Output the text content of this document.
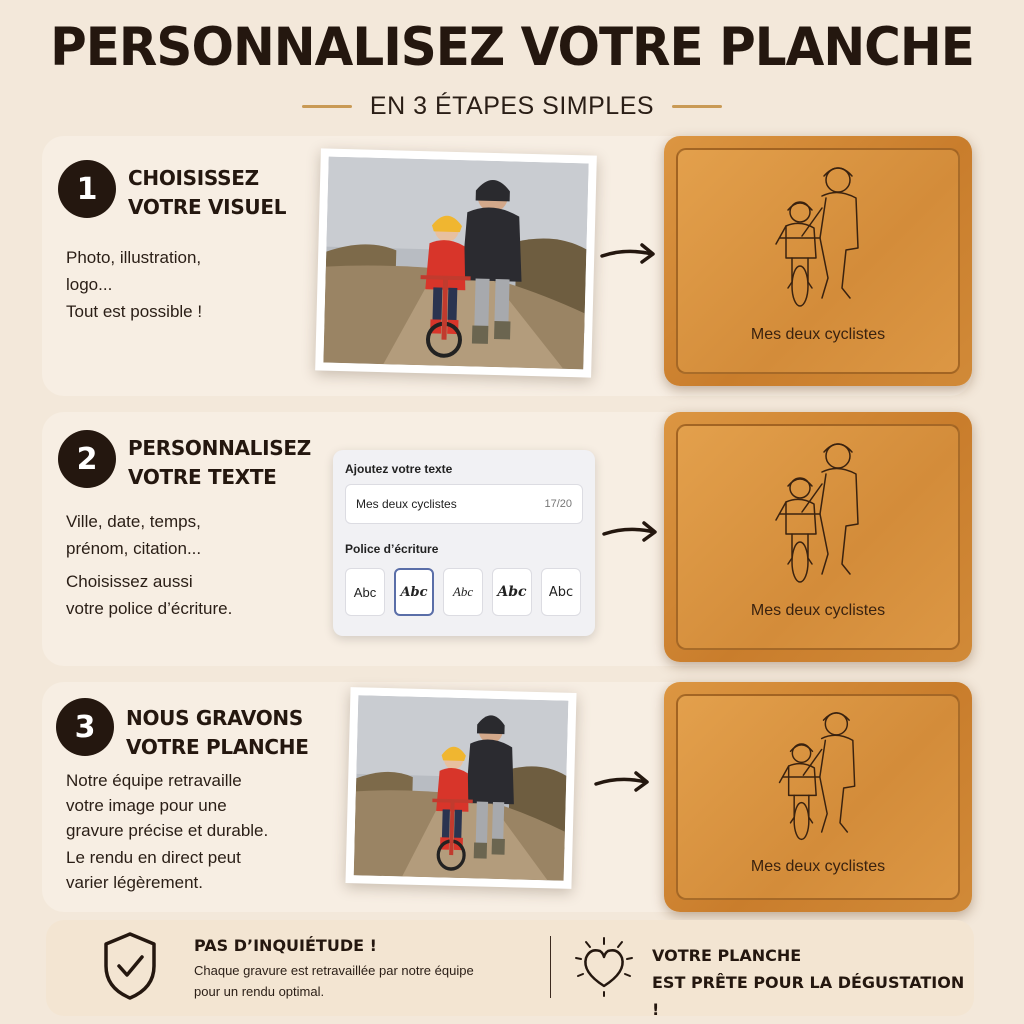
PERSONNALISEZ VOTRE PLANCHE
EN 3 ÉTAPES SIMPLES
1	CHOISISSEZ
VOTRE VISUEL
Photo, illustration,
logo...
Tout est possible !
Mes deux cyclistes
2	PERSONNALISEZ
VOTRE TEXTE

Ville, date, temps,
prénom, citation...

Choisissez aussi
votre police d’écriture.

Ajoutez votre texte
Mes deux cyclistes	17/20
Police d’écriture
Abc	Abc	Abc	Abc	Abc
Mes deux cyclistes
3	NOUS GRAVONS
VOTRE PLANCHE

Notre équipe retravaille
votre image pour une
gravure précise et durable.

Le rendu en direct peut
varier légèrement.

Mes deux cyclistes
PAS D’INQUIÉTUDE !
Chaque gravure est retravaillée par notre équipe
pour un rendu optimal.
VOTRE PLANCHE
EST PRÊTE POUR LA DÉGUSTATION !
